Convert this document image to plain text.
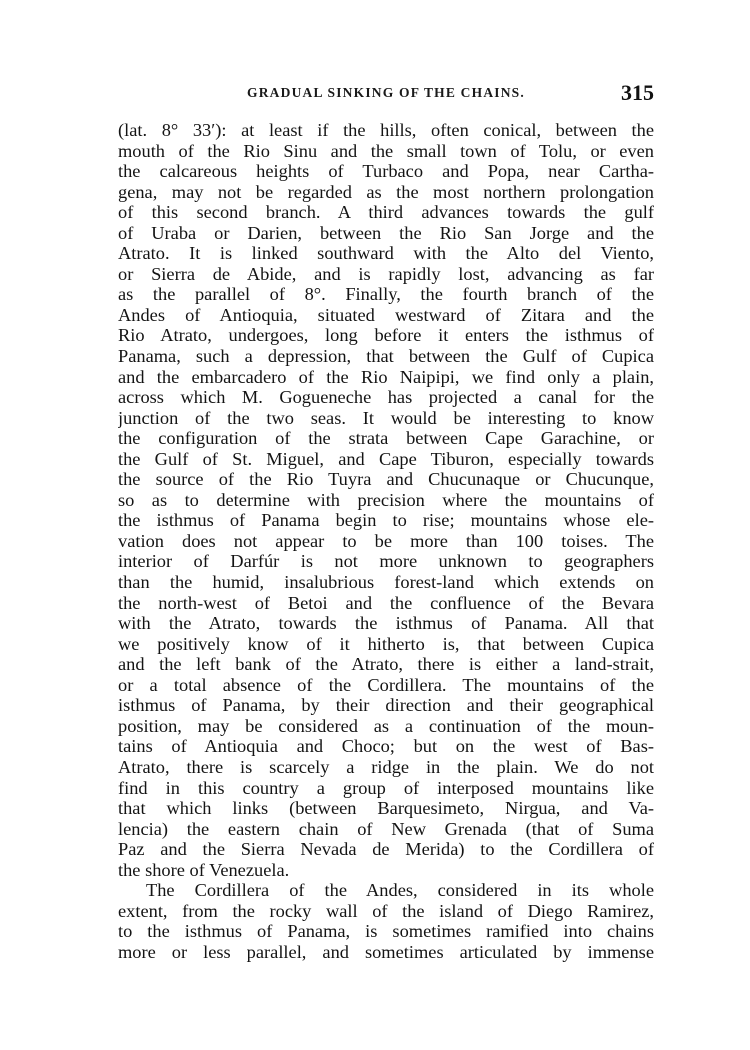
GRADUAL SINKING OF THE CHAINS.	315
(lat. 8° 33′): at least if the hills, often conical, between the
mouth of the Rio Sinu and the small town of Tolu, or even
the calcareous heights of Turbaco and Popa, near Cartha-
gena, may not be regarded as the most northern prolongation
of this second branch. A third advances towards the gulf
of Uraba or Darien, between the Rio San Jorge and the
Atrato. It is linked southward with the Alto del Viento,
or Sierra de Abide, and is rapidly lost, advancing as far
as the parallel of 8°. Finally, the fourth branch of the
Andes of Antioquia, situated westward of Zitara and the
Rio Atrato, undergoes, long before it enters the isthmus of
Panama, such a depression, that between the Gulf of Cupica
and the embarcadero of the Rio Naipipi, we find only a plain,
across which M. Gogueneche has projected a canal for the
junction of the two seas. It would be interesting to know
the configuration of the strata between Cape Garachine, or
the Gulf of St. Miguel, and Cape Tiburon, especially towards
the source of the Rio Tuyra and Chucunaque or Chucunque,
so as to determine with precision where the mountains of
the isthmus of Panama begin to rise; mountains whose ele-
vation does not appear to be more than 100 toises. The
interior of Darfúr is not more unknown to geographers
than the humid, insalubrious forest-land which extends on
the north-west of Betoi and the confluence of the Bevara
with the Atrato, towards the isthmus of Panama. All that
we positively know of it hitherto is, that between Cupica
and the left bank of the Atrato, there is either a land-strait,
or a total absence of the Cordillera. The mountains of the
isthmus of Panama, by their direction and their geographical
position, may be considered as a continuation of the moun-
tains of Antioquia and Choco; but on the west of Bas-
Atrato, there is scarcely a ridge in the plain. We do not
find in this country a group of interposed mountains like
that which links (between Barquesimeto, Nirgua, and Va-
lencia) the eastern chain of New Grenada (that of Suma
Paz and the Sierra Nevada de Merida) to the Cordillera of
the shore of Venezuela.
The Cordillera of the Andes, considered in its whole
extent, from the rocky wall of the island of Diego Ramirez,
to the isthmus of Panama, is sometimes ramified into chains
more or less parallel, and sometimes articulated by immense
